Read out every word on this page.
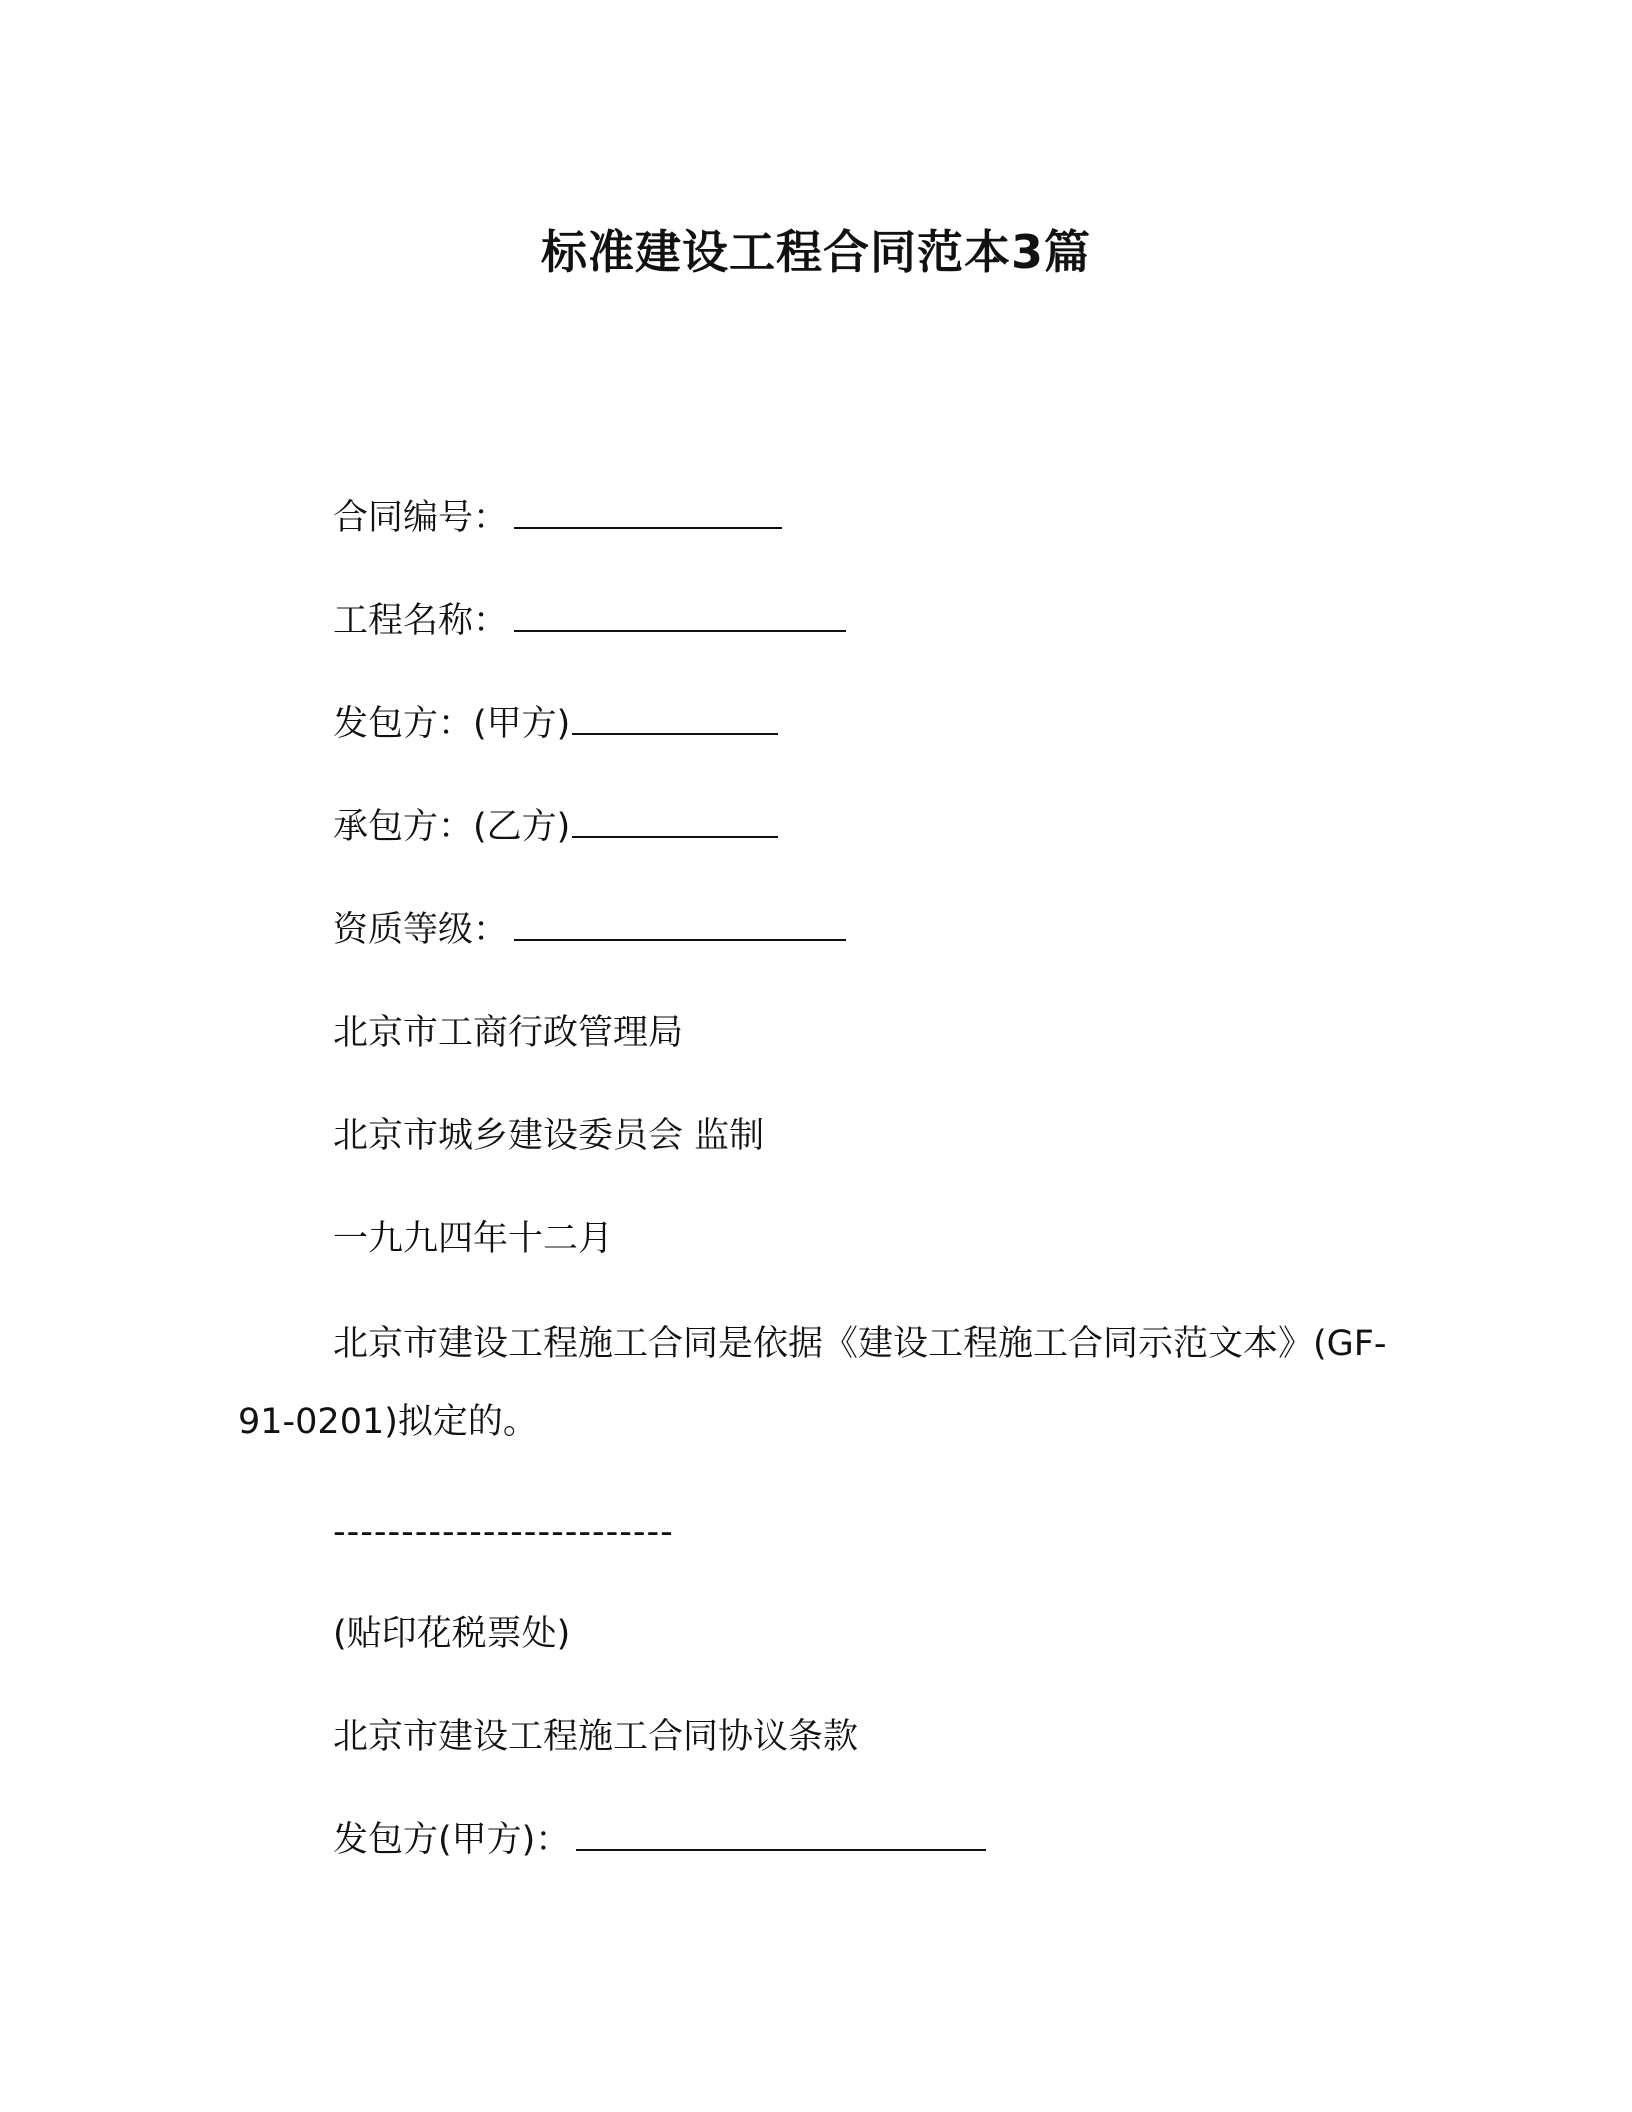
标准建设工程合同范本3篇
合同编号：
工程名称：
发包方：(甲方)
承包方：(乙方)
资质等级：
北京市工商行政管理局
北京市城乡建设委员会 监制
一九九四年十二月
北京市建设工程施工合同是依据《建设工程施工合同示范文本》(GF-91-0201)拟定的。
-------------------------
(贴印花税票处)
北京市建设工程施工合同协议条款
发包方(甲方)：
